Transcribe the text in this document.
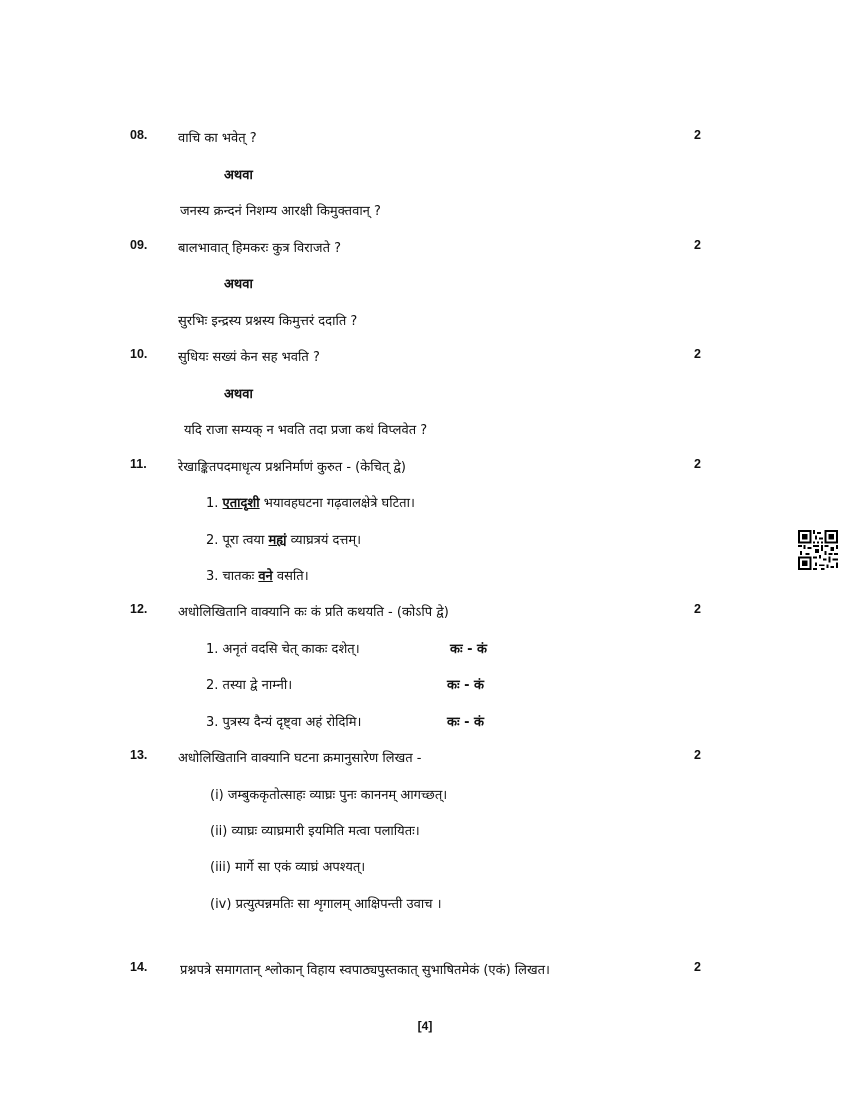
08. वाचि का भवेत् ?	2
अथवा
जनस्य क्रन्दनं निशम्य आरक्षी किमुक्तवान् ?
09. बालभावात् हिमकरः कुत्र विराजते ?	2
अथवा
सुरभिः इन्द्रस्य प्रश्नस्य किमुत्तरं ददाति ?
10. सुधियः सख्यं केन सह भवति ?	2
अथवा
यदि राजा सम्यक् न भवति तदा प्रजा कथं विप्लवेत ?
11. रेखाङ्कितपदमाधृत्य प्रश्ननिर्माणं कुरुत - (केचित् द्वे)	2
1. एतादृशी भयावहघटना गढ़वालक्षेत्रे घटिता।
2. पूरा त्वया मह्यं व्याघ्रत्रयं दत्तम्।
3. चातकः वने वसति।
12. अधोलिखितानि वाक्यानि कः कं प्रति कथयति - (कोऽपि द्वे)	2
1. अनृतं वदसि चेत् काकः दशेत्।	कः - कं
2. तस्या द्वे नाम्नी।	कः - कं
3. पुत्रस्य दैन्यं दृष्ट्वा अहं रोदिमि।	कः - कं
13. अधोलिखितानि वाक्यानि घटना क्रमानुसारेण लिखत -	2
(i) जम्बुककृतोत्साहः व्याघ्रः पुनः काननम् आगच्छत्।
(ii) व्याघ्रः व्याघ्रमारी इयमिति मत्वा पलायितः।
(iii) मार्गे सा एकं व्याघ्रं अपश्यत्।
(iv) प्रत्युत्पन्नमतिः सा शृगालम् आक्षिपन्ती उवाच ।
14.	प्रश्नपत्रे समागतान् श्लोकान् विहाय स्वपाठ्यपुस्तकात् सुभाषितमेकं (एकं) लिखत।	2
[4]
